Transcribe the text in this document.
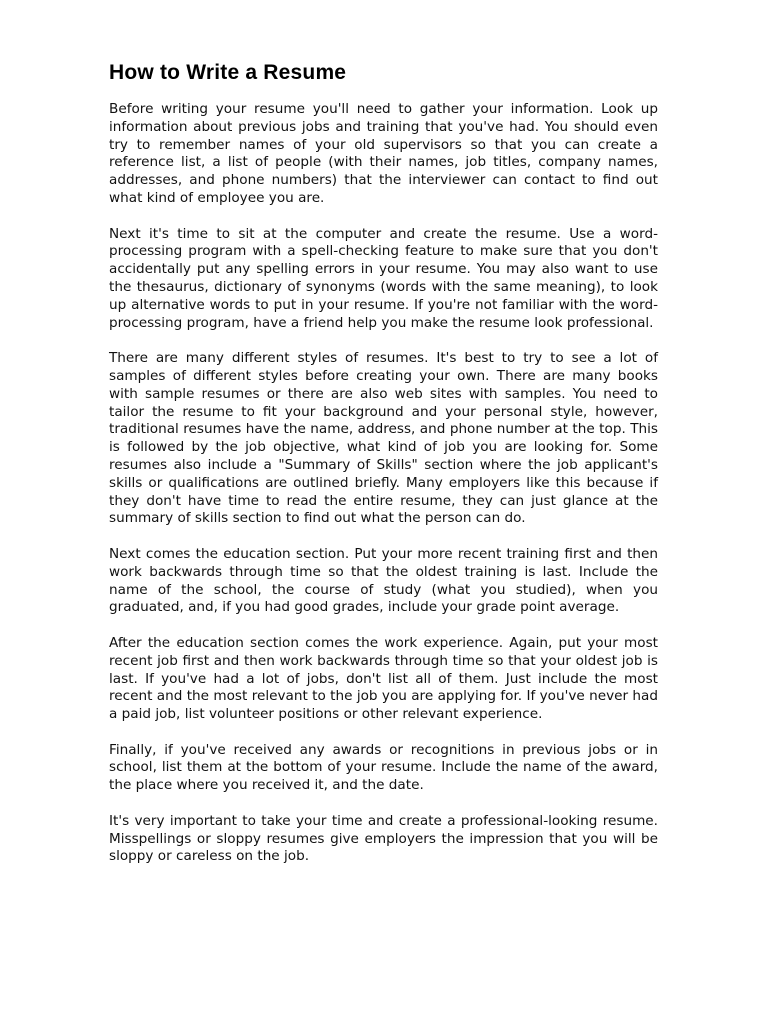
How to Write a Resume

Before writing your resume you'll need to gather your information. Look up information about previous jobs and training that you've had. You should even try to remember names of your old supervisors so that you can create a reference list, a list of people (with their names, job titles, company names, addresses, and phone numbers) that the interviewer can contact to find out what kind of employee you are.

Next it's time to sit at the computer and create the resume. Use a word-processing program with a spell-checking feature to make sure that you don't accidentally put any spelling errors in your resume. You may also want to use the thesaurus, dictionary of synonyms (words with the same meaning), to look up alternative words to put in your resume. If you're not familiar with the word-processing program, have a friend help you make the resume look professional.

There are many different styles of resumes. It's best to try to see a lot of samples of different styles before creating your own. There are many books with sample resumes or there are also web sites with samples. You need to tailor the resume to fit your background and your personal style, however, traditional resumes have the name, address, and phone number at the top. This is followed by the job objective, what kind of job you are looking for. Some resumes also include a "Summary of Skills" section where the job applicant's skills or qualifications are outlined briefly. Many employers like this because if they don't have time to read the entire resume, they can just glance at the summary of skills section to find out what the person can do.

Next comes the education section. Put your more recent training first and then work backwards through time so that the oldest training is last. Include the name of the school, the course of study (what you studied), when you graduated, and, if you had good grades, include your grade point average.

After the education section comes the work experience. Again, put your most recent job first and then work backwards through time so that your oldest job is last. If you've had a lot of jobs, don't list all of them. Just include the most recent and the most relevant to the job you are applying for. If you've never had a paid job, list volunteer positions or other relevant experience.

Finally, if you've received any awards or recognitions in previous jobs or in school, list them at the bottom of your resume. Include the name of the award, the place where you received it, and the date.

It's very important to take your time and create a professional-looking resume. Misspellings or sloppy resumes give employers the impression that you will be sloppy or careless on the job.
